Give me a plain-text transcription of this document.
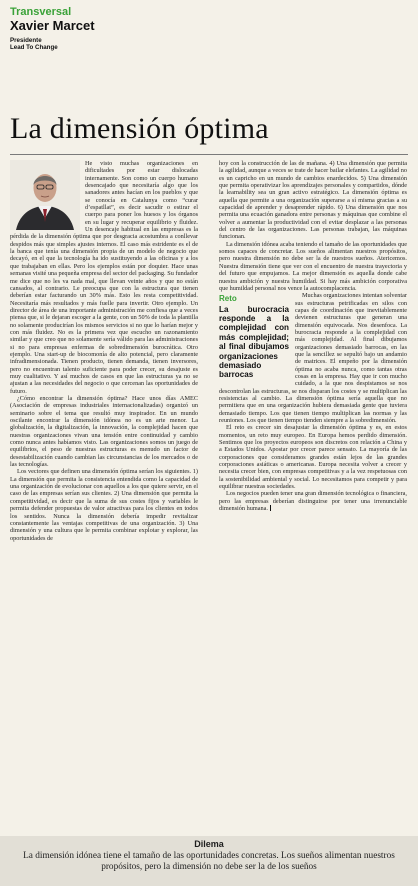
Transversal
Xavier Marcet
Presidente
Lead To Change
La dimensión óptima

He visto muchas organizaciones en dificultades por estar dislocadas internamente. Son como un cuerpo humano desencajado que necesitaría algo que los sanadores antes hacían en los pueblos y que se conocía en Catalunya como “curar d’espatllat”, es decir sacudir o estirar el cuerpo para poner los huesos y los órganos en su lugar y recuperar equilibrio y fluidez. Un desencaje habitual en las empresas es la pérdida de la dimensión óptima que por desgracia acostumbra a conllevar despidos más que simples ajustes internos. El caso más estridente es el de la banca que tenía una dimensión propia de un modelo de negocio que decayó, en el que la tecnología ha ido sustituyendo a las oficinas y a los que trabajaban en ellas. Pero los ejemplos están por doquier. Hace unas semanas visité una pequeña empresa del sector del packaging. Su fundador me dice que no les va nada mal, que llevan veinte años y que no están cansados, al contrario. Le preocupa que con la estructura que tienen deberían estar facturando un 30% más. Esto les resta competitividad. Necesitaría más resultados y más fuelle para invertir. Otro ejemplo. Un director de área de una importante administración me confiesa que a veces piensa que, si le dejaran escoger a la gente, con un 50% de toda la plantilla no solamente producirían los mismos servicios si no que lo harían mejor y con más fluidez. No es la primera vez que escucho un razonamiento similar y que creo que no solamente sería válido para las administraciones si no para empresas enfermas de sobredimensión burocrática. Otro ejemplo. Una start-up de biocomonía de alto potencial, pero claramente infradimensionada. Tienen producto, tienen demanda, tienen inversores, pero no encuentran talento suficiente para poder crecer, su desajuste es muy cualitativo. Y así muchos de casos en que las estructuras ya no se ajustan a las necesidades del negocio o que cercenan las oportunidades de futuro.

¿Cómo encontrar la dimensión óptima? Hace unos días AMEC (Asociación de empresas industriales internacionalizadas) organizó un seminario sobre el tema que resultó muy inspirador. En un mundo oscilante encontrar la dimensión idónea no es un arte menor. La globalización, la digitalización, la innovación, la complejidad hacen que nuestras organizaciones vivan una tensión entre continuidad y cambio como nunca antes habíamos visto. Las organizaciones somos un juego de equilibrios, el peso de nuestras estructuras es menudo un factor de desestabilización cuando cambian las circunstancias de los mercados o de las tecnologías.

Los vectores que definen una dimensión óptima serían los siguientes. 1) La dimensión que permita la consistencia entendida como la capacidad de una organización de evolucionar con aquellos a los que quiere servir, en el caso de las empresas serían sus clientes. 2) Una dimensión que permita la competitividad, es decir que la suma de sus costes fijos y variables le permita defender propuestas de valor atractivas para los clientes en todos los sentidos. Nunca la dimensión debería impedir revitalizar constantemente las ventajas competitivas de una organización. 3) Una dimensión y una cultura que le permita combinar explotar y explorar, las oportunidades de

hoy con la construcción de las de mañana. 4) Una dimensión que permita la agilidad, aunque a veces se trate de hacer bailar elefantes. La agilidad no es un capricho en un mundo de cambios enardecidos. 5) Una dimensión que permita operativizar los aprendizajes personales y compartidos, dónde la learnability sea un gran activo estratégico. La dimensión óptima es aquella que permite a una organización superarse a sí misma gracias a su capacidad de aprender y desaprender rápido. 6) Una dimensión que nos permita una ecuación ganadora entre personas y máquinas que combine el volver a aumentar la productividad con el evitar desplazar a las personas del centro de las organizaciones. Las personas trabajan, las máquinas funcionan.

La dimensión idónea acaba teniendo el tamaño de las oportunidades que somos capaces de concretar. Los sueños alimentan nuestros propósitos, pero nuestra dimensión no debe ser la de nuestros sueños. Atericemos. Nuestra dimensión tiene que ver con el encuentro de nuestra trayectoria y del futuro que empujamos. La mejor dimensión es aquella donde cabe nuestra ambición y nuestra humildad. Si hay más ambición corporativa que humildad personal nos vence la autocomplacencia.

Reto
La burocracia responde a la complejidad con más complejidad; al final dibujamos organizaciones demasiado barrocas

Muchas organizaciones intentan solventar sus estructuras petrificadas en silos con capas de coordinación que inevitablemente devienen estructuras que generan una dimensión equivocada. Nos desenfoca. La burocracia responde a la complejidad con más complejidad. Al final dibujamos organizaciones demasiado barrocas, en las que la sencillez se sepultó bajo un andamio de matrices. El empeño por la dimensión óptima no acaba nunca, como tantas otras cosas en la empresa. Hay que ir con mucho cuidado, a la que nos despistamos se nos descontrolan las estructuras, se nos disparan los costes y se multiplican las resistencias al cambio. La dimensión óptima sería aquella que no permitiera que en una organización hubiera demasiada gente que tuviera demasiado tiempo. Los que tienen tiempo multiplican las normas y las reuniones. Los que tienen tiempo tienden siempre a la sobredimensión.

El reto es crecer sin desajustar la dimensión óptima y es, en estos momentos, un reto muy europeo. En Europa hemos perdido dimensión. Sentimos que los proyectos europeos son discretos con relación a China y a Estados Unidos. Apostar por crecer parece sensato. La mayoría de las corporaciones que consideramos grandes están lejos de las grandes corporaciones asiáticas o americanas. Europa necesita volver a crecer y necesita crecer bien, con empresas competitivas y a la vez respetuosas con la sostenibilidad ambiental y social. Lo necesitamos para competir y para equilibrar nuestras sociedades.

Los negocios pueden tener una gran dimensión tecnológica o financiera, pero las empresas deberían distinguirse por tener una irrenunciable dimensión humana.

Dilema
La dimensión idónea tiene el tamaño de las oportunidades concretas. Los sueños alimentan nuestros propósitos, pero la dimensión no debe ser la de los sueños
